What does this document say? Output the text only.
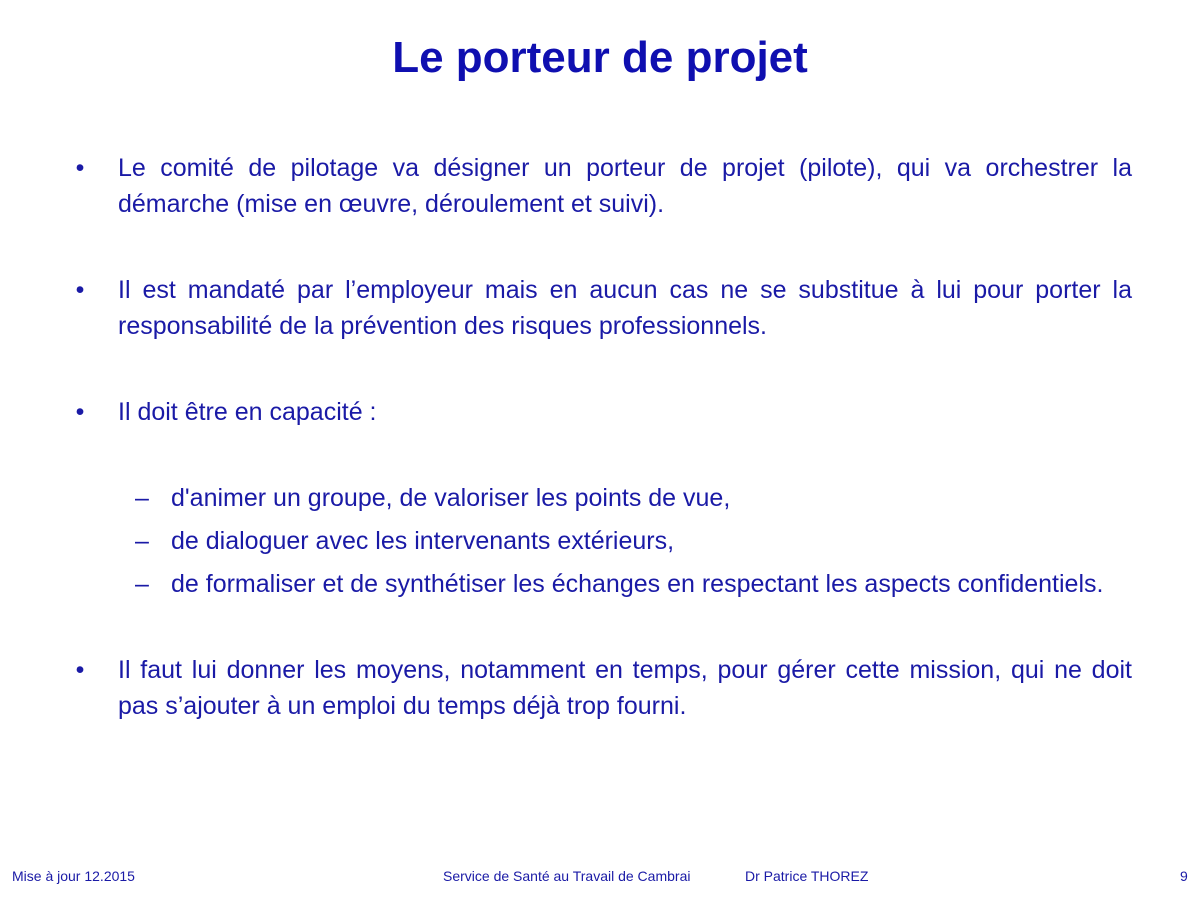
Le porteur de projet
• Le comité de pilotage va désigner un porteur de projet (pilote), qui va orchestrer la démarche (mise en œuvre, déroulement et suivi).
• Il est mandaté par l’employeur mais en aucun cas ne se substitue à lui pour porter la responsabilité de la prévention des risques professionnels.
• Il doit être en capacité :
– d'animer un groupe, de valoriser les points de vue,
– de dialoguer avec les intervenants extérieurs,
– de formaliser et de synthétiser les échanges en respectant les aspects confidentiels.
• Il faut lui donner les moyens, notamment en temps, pour gérer cette mission, qui ne doit pas s’ajouter à un emploi du temps déjà trop fourni.
Mise à jour 12.2015	Service de Santé au Travail de Cambrai	Dr Patrice THOREZ	9
